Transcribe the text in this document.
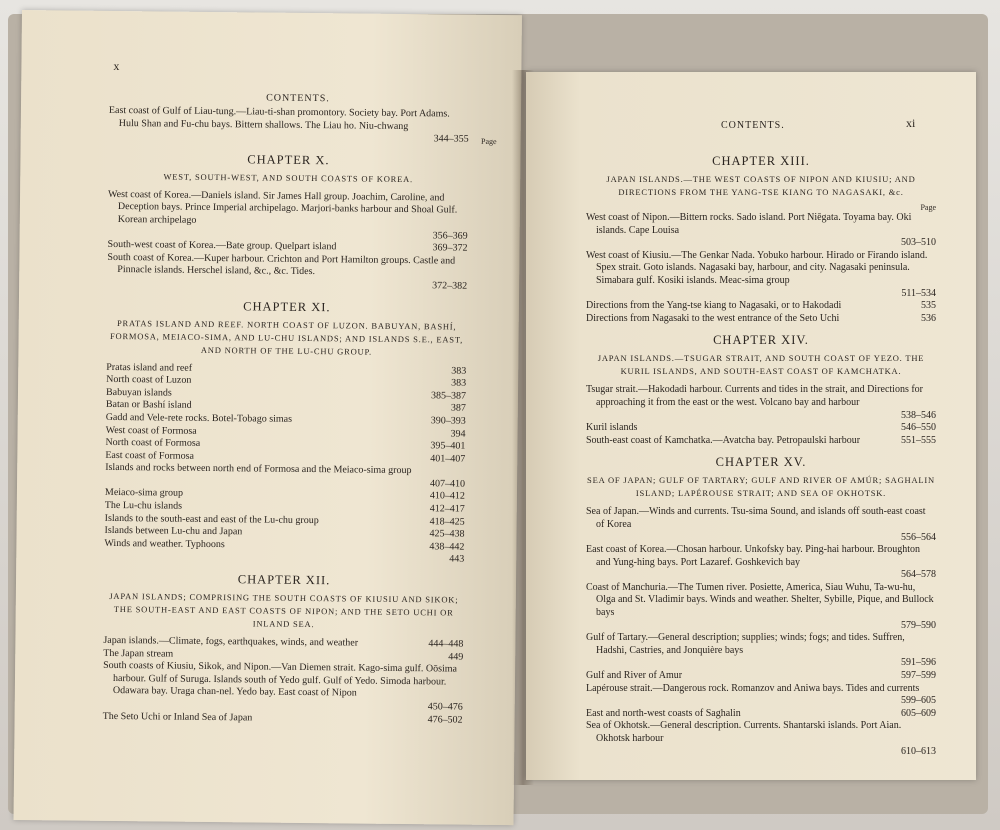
x
CONTENTS.
Page
East coast of Gulf of Liau-tung.—Liau-ti-shan promontory. Society bay. Port Adams. Hulu Shan and Fu-chu bays. Bittern shallows. The Liau ho. Niu-chwang
344–355
CHAPTER X.
WEST, SOUTH-WEST, AND SOUTH COASTS OF KOREA.
West coast of Korea.—Daniels island. Sir James Hall group. Joachim, Caroline, and Deception bays. Prince Imperial archipelago. Marjori-banks harbour and Shoal Gulf. Korean archipelago
356–369
South-west coast of Korea.—Bate group. Quelpart island	369–372
South coast of Korea.—Kuper harbour. Crichton and Port Hamilton groups. Castle and Pinnacle islands. Herschel island, &c., &c. Tides.
372–382
CHAPTER XI.
PRATAS ISLAND AND REEF. NORTH COAST OF LUZON. BABUYAN, BASHÍ, FORMOSA, MEIACO-SIMA, AND LU-CHU ISLANDS; AND ISLANDS S.E., EAST, AND NORTH OF THE LU-CHU GROUP.
Pratas island and reef	383
North coast of Luzon	383
Babuyan islands	385–387
Batan or Bashí island	387
Gadd and Vele-rete rocks. Botel-Tobago simas	390–393
West coast of Formosa	394
North coast of Formosa	395–401
East coast of Formosa	401–407
Islands and rocks between north end of Formosa and the Meiaco-sima group
407–410
Meiaco-sima group	410–412
The Lu-chu islands	412–417
Islands to the south-east and east of the Lu-chu group	418–425
Islands between Lu-chu and Japan	425–438
Winds and weather. Typhoons	438–442
443
CHAPTER XII.
JAPAN ISLANDS; COMPRISING THE SOUTH COASTS OF KIUSIU AND SIKOK; THE SOUTH-EAST AND EAST COASTS OF NIPON; AND THE SETO UCHI OR INLAND SEA.
Japan islands.—Climate, fogs, earthquakes, winds, and weather	444–448
The Japan stream	449
South coasts of Kiusiu, Sikok, and Nipon.—Van Diemen strait. Kago-sima gulf. Oōsima harbour. Gulf of Suruga. Islands south of Yedo gulf. Gulf of Yedo. Simoda harbour. Odawara bay. Uraga chan-nel. Yedo bay. East coast of Nipon
450–476
The Seto Uchi or Inland Sea of Japan	476–502
CONTENTS.	xi
CHAPTER XIII.
JAPAN ISLANDS.—THE WEST COASTS OF NIPON AND KIUSIU; AND DIRECTIONS FROM THE YANG-TSE KIANG TO NAGASAKI, &c.
Page
West coast of Nipon.—Bittern rocks. Sado island. Port Niēgata. Toyama bay. Oki islands. Cape Louisa
503–510
West coast of Kiusiu.—The Genkar Nada. Yobuko harbour. Hirado or Firando island. Spex strait. Goto islands. Nagasaki bay, harbour, and city. Nagasaki peninsula. Simabara gulf. Kosiki islands. Meac-sima group
511–534
Directions from the Yang-tse kiang to Nagasaki, or to Hakodadi	535
Directions from Nagasaki to the west entrance of the Seto Uchi	536
CHAPTER XIV.
JAPAN ISLANDS.—TSUGAR STRAIT, AND SOUTH COAST OF YEZO. THE KURIL ISLANDS, AND SOUTH-EAST COAST OF KAMCHATKA.
Tsugar strait.—Hakodadi harbour. Currents and tides in the strait, and Directions for approaching it from the east or the west. Volcano bay and harbour
538–546
Kuril islands	546–550
South-east coast of Kamchatka.—Avatcha bay. Petropaulski harbour	551–555
CHAPTER XV.
SEA OF JAPAN; GULF OF TARTARY; GULF AND RIVER OF AMÚR; SAGHALIN ISLAND; LAPÉROUSE STRAIT; AND SEA OF OKHOTSK.
Sea of Japan.—Winds and currents. Tsu-sima Sound, and islands off south-east coast of Korea
556–564
East coast of Korea.—Chosan harbour. Unkofsky bay. Ping-hai harbour. Broughton and Yung-hing bays. Port Lazaref. Goshkevich bay
564–578
Coast of Manchuria.—The Tumen river. Posiette, America, Siau Wuhu, Ta-wu-hu, Olga and St. Vladimir bays. Winds and weather. Shelter, Sybille, Pique, and Bullock bays
579–590
Gulf of Tartary.—General description; supplies; winds; fogs; and tides. Suffren, Hadshi, Castries, and Jonquière bays
591–596
Gulf and River of Amur	597–599
Lapérouse strait.—Dangerous rock. Romanzov and Aniwa bays. Tides and currents
599–605
East and north-west coasts of Saghalin	605–609
Sea of Okhotsk.—General description. Currents. Shantarski islands. Port Aian. Okhotsk harbour
610–613
